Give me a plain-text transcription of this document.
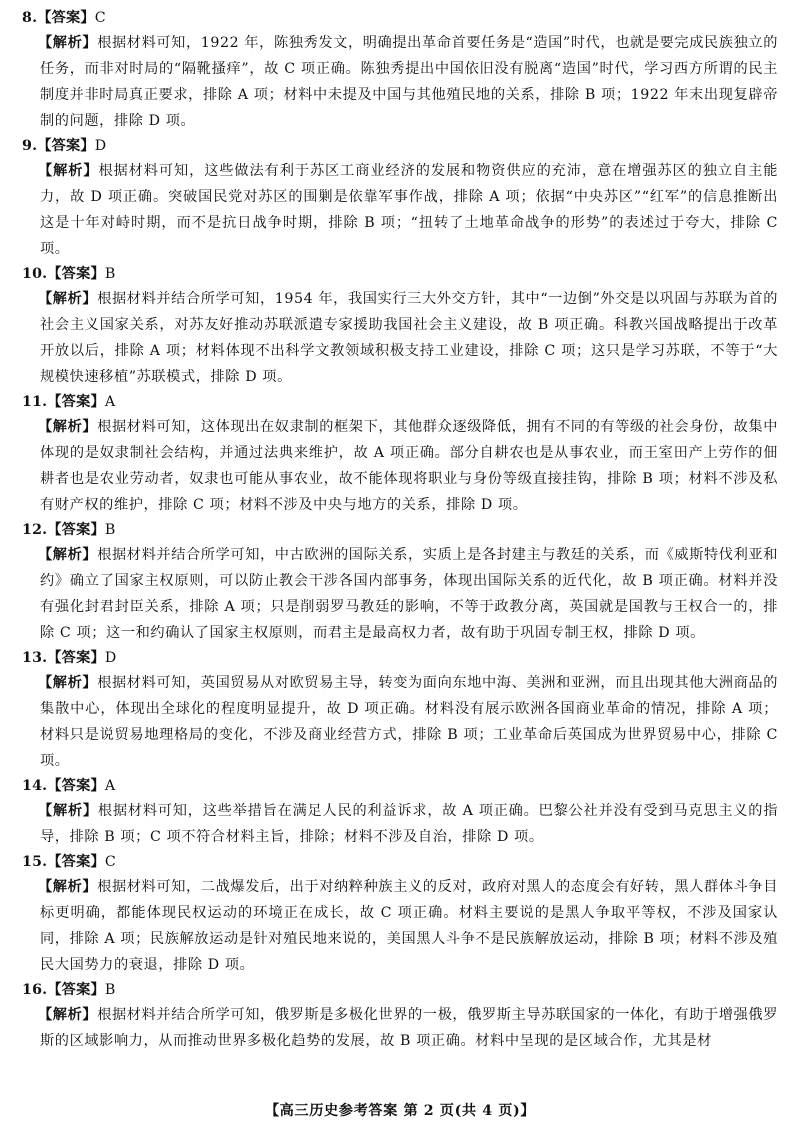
8.【答案】C

【解析】根据材料可知，1922 年，陈独秀发文，明确提出革命首要任务是“造国”时代，也就是要完成民族独立的任务，而非对时局的“隔靴搔痒”，故 C 项正确。陈独秀提出中国依旧没有脱离“造国”时代，学习西方所谓的民主制度并非时局真正要求，排除 A 项；材料中未提及中国与其他殖民地的关系，排除 B 项；1922 年末出现复辟帝制的问题，排除 D 项。

9.【答案】D

【解析】根据材料可知，这些做法有利于苏区工商业经济的发展和物资供应的充沛，意在增强苏区的独立自主能力，故 D 项正确。突破国民党对苏区的围剿是依靠军事作战，排除 A 项；依据“中央苏区”“红军”的信息推断出这是十年对峙时期，而不是抗日战争时期，排除 B 项；“扭转了土地革命战争的形势”的表述过于夸大，排除 C 项。

10.【答案】B

【解析】根据材料并结合所学可知，1954 年，我国实行三大外交方针，其中“一边倒”外交是以巩固与苏联为首的社会主义国家关系，对苏友好推动苏联派遣专家援助我国社会主义建设，故 B 项正确。科教兴国战略提出于改革开放以后，排除 A 项；材料体现不出科学文教领域积极支持工业建设，排除 C 项；这只是学习苏联，不等于“大规模快速移植”苏联模式，排除 D 项。

11.【答案】A

【解析】根据材料可知，这体现出在奴隶制的框架下，其他群众逐级降低，拥有不同的有等级的社会身份，故集中体现的是奴隶制社会结构，并通过法典来维护，故 A 项正确。部分自耕农也是从事农业，而王室田产上劳作的佃耕者也是农业劳动者，奴隶也可能从事农业，故不能体现将职业与身份等级直接挂钩，排除 B 项；材料不涉及私有财产权的维护，排除 C 项；材料不涉及中央与地方的关系，排除 D 项。

12.【答案】B

【解析】根据材料并结合所学可知，中古欧洲的国际关系，实质上是各封建主与教廷的关系，而《威斯特伐利亚和约》确立了国家主权原则，可以防止教会干涉各国内部事务，体现出国际关系的近代化，故 B 项正确。材料并没有强化封君封臣关系，排除 A 项；只是削弱罗马教廷的影响，不等于政教分离，英国就是国教与王权合一的，排除 C 项；这一和约确认了国家主权原则，而君主是最高权力者，故有助于巩固专制王权，排除 D 项。

13.【答案】D

【解析】根据材料可知，英国贸易从对欧贸易主导，转变为面向东地中海、美洲和亚洲，而且出现其他大洲商品的集散中心，体现出全球化的程度明显提升，故 D 项正确。材料没有展示欧洲各国商业革命的情况，排除 A 项；材料只是说贸易地理格局的变化，不涉及商业经营方式，排除 B 项；工业革命后英国成为世界贸易中心，排除 C 项。

14.【答案】A

【解析】根据材料可知，这些举措旨在满足人民的利益诉求，故 A 项正确。巴黎公社并没有受到马克思主义的指导，排除 B 项；C 项不符合材料主旨，排除；材料不涉及自治，排除 D 项。

15.【答案】C

【解析】根据材料可知，二战爆发后，出于对纳粹种族主义的反对，政府对黑人的态度会有好转，黑人群体斗争目标更明确，都能体现民权运动的环境正在成长，故 C 项正确。材料主要说的是黑人争取平等权，不涉及国家认同，排除 A 项；民族解放运动是针对殖民地来说的，美国黑人斗争不是民族解放运动，排除 B 项；材料不涉及殖民大国势力的衰退，排除 D 项。

16.【答案】B

【解析】根据材料并结合所学可知，俄罗斯是多极化世界的一极，俄罗斯主导苏联国家的一体化，有助于增强俄罗斯的区域影响力，从而推动世界多极化趋势的发展，故 B 项正确。材料中呈现的是区域合作，尤其是材

【高三历史参考答案 第 2 页(共 4 页)】
